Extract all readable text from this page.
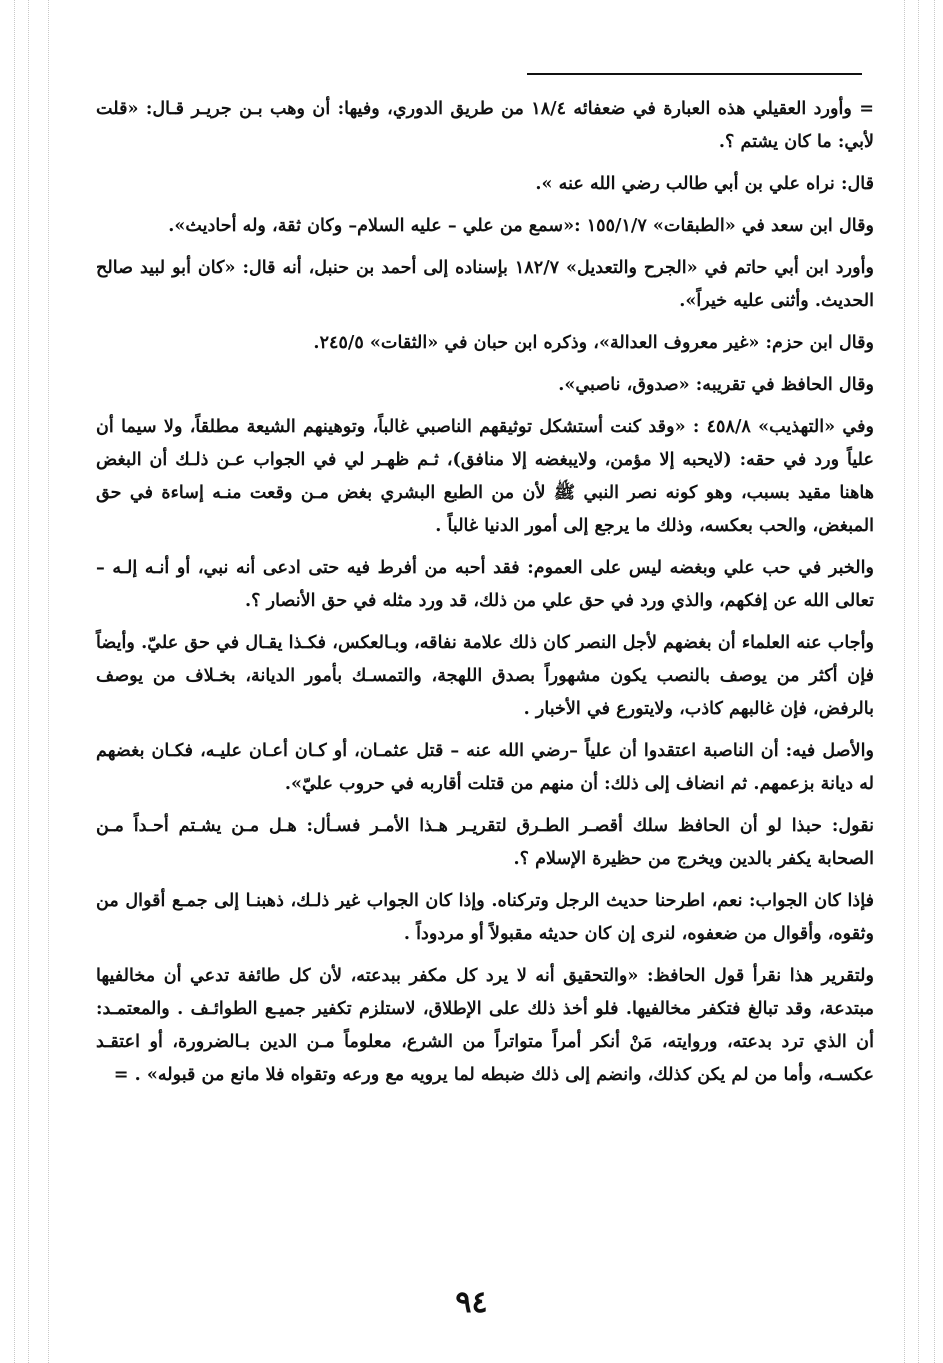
= وأورد العقيلي هذه العبارة في ضعفائه ١٨/٤ من طريق الدوري، وفيها: أن وهب بـن جريـر قـال: «قلت لأبي: ما كان يشتم ؟.

قال: نراه علي بن أبي طالب رضي الله عنه ».

وقال ابن سعد في «الطبقات» ١٥٥/١/٧ :«سمع من علي – عليه السلام– وكان ثقة، وله أحاديث».

وأورد ابن أبي حاتم في «الجرح والتعديل» ١٨٢/٧ بإسناده إلى أحمد بن حنبل، أنه قال: «كان أبو لبيد صالح الحديث. وأثنى عليه خيراً».

وقال ابن حزم: «غير معروف العدالة»، وذكره ابن حبان في «الثقات» ٢٤٥/٥.

وقال الحافظ في تقريبه: «صدوق، ناصبي».

وفي «التهذيب» ٤٥٨/٨ : «وقد كنت أستشكل توثيقهم الناصبي غالباً، وتوهينهم الشيعة مطلقاً، ولا سيما أن علياً ورد في حقه: (لايحبه إلا مؤمن، ولايبغضه إلا منافق)، ثـم ظهـر لي في الجواب عـن ذلـك أن البغض هاهنا مقيد بسبب، وهو كونه نصر النبي ﷺ لأن من الطبع البشري بغض مـن وقعت منـه إساءة في حق المبغض، والحب بعكسه، وذلك ما يرجع إلى أمور الدنيا غالباً .

والخبر في حب علي وبغضه ليس على العموم: فقد أحبه من أفرط فيه حتى ادعى أنه نبي، أو أنـه إلـه –تعالى الله عن إفكهم، والذي ورد في حق علي من ذلك، قد ورد مثله في حق الأنصار ؟.

وأجاب عنه العلماء أن بغضهم لأجل النصر كان ذلك علامة نفاقه، وبـالعكس، فكـذا يقـال في حق عليّ. وأيضاً فإن أكثر من يوصف بالنصب يكون مشهوراً بصدق اللهجة، والتمسـك بأمور الديانة، بخـلاف من يوصف بالرفض، فإن غالبهم كاذب، ولايتورع في الأخبار .

والأصل فيه: أن الناصبة اعتقدوا أن علياً –رضي الله عنه – قتل عثمـان، أو كـان أعـان عليـه، فكـان بغضهم له ديانة بزعمهم. ثم انضاف إلى ذلك: أن منهم من قتلت أقاربه في حروب عليّ».

نقول: حبذا لو أن الحافظ سلك أقصـر الطـرق لتقريـر هـذا الأمـر فسـأل: هـل مـن يشـتم أحـداً مـن الصحابة يكفر بالدين ويخرج من حظيرة الإسلام ؟.

فإذا كان الجواب: نعم، اطرحنا حديث الرجل وتركناه. وإذا كان الجواب غير ذلـك، ذهبنـا إلى جمـع أقوال من وثقوه، وأقوال من ضعفوه، لنرى إن كان حديثه مقبولاً أو مردوداً .

ولتقرير هذا نقرأ قول الحافظ: «والتحقيق أنه لا يرد كل مكفر ببدعته، لأن كل طائفة تدعي أن مخالفيها مبتدعة، وقد تبالغ فتكفر مخالفيها. فلو أخذ ذلك على الإطلاق، لاستلزم تكفير جميـع الطوائـف . والمعتمـد: أن الذي ترد بدعته، وروايته، مَنْ أنكر أمراً متواتراً من الشرع، معلوماً مـن الدين بـالضرورة، أو اعتقـد عكسـه، وأما من لم يكن كذلك، وانضم إلى ذلك ضبطه لما يرويه مع ورعه وتقواه فلا مانع من قبوله» . =

٩٤
